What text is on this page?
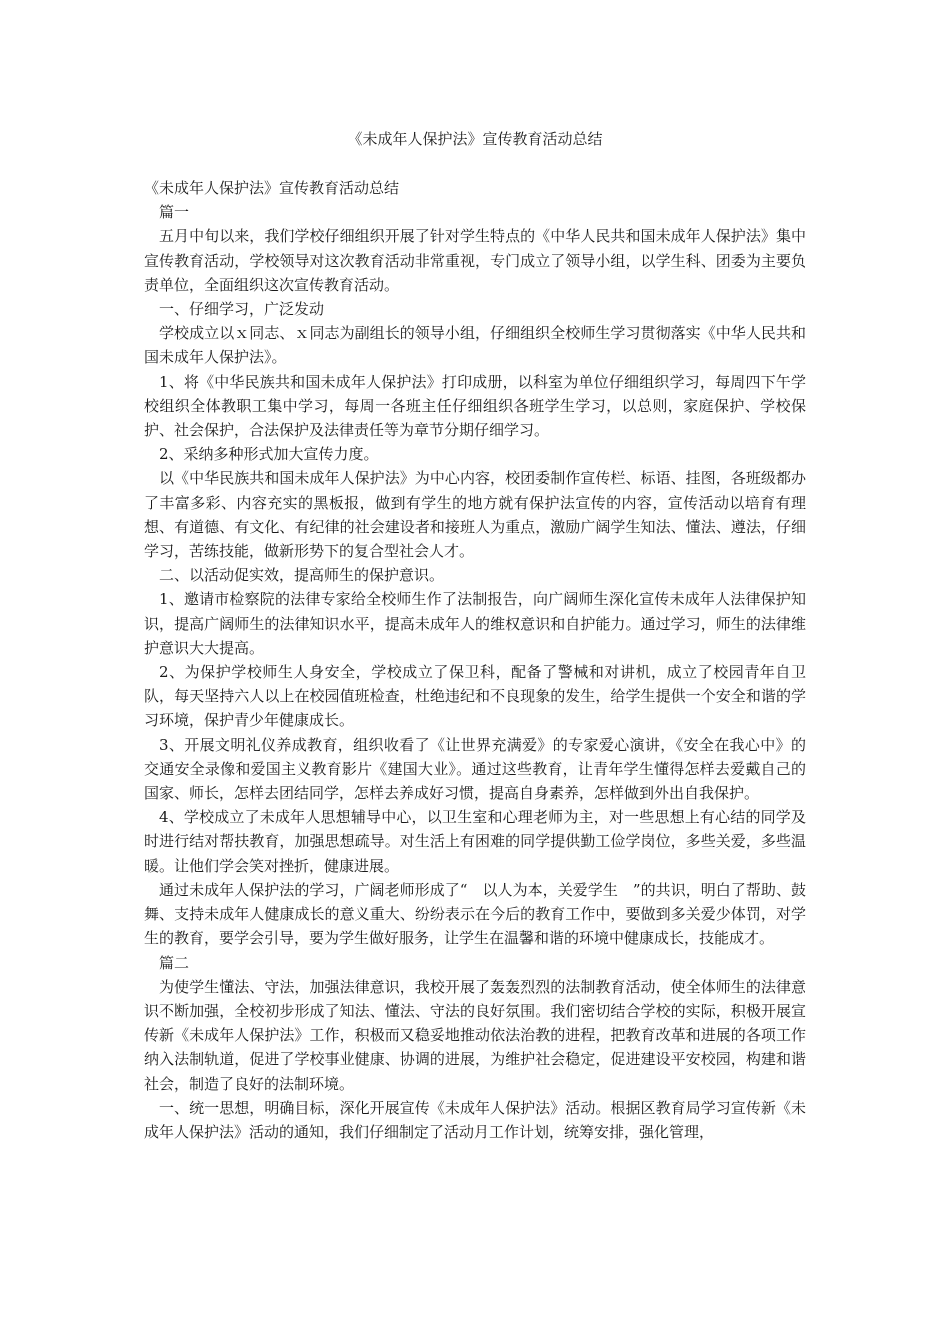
《未成年人保护法》宣传教育活动总结

《未成年人保护法》宣传教育活动总结

篇一

五月中旬以来，我们学校仔细组织开展了针对学生特点的《中华人民共和国未成年人保护法》集中宣传教育活动，学校领导对这次教育活动非常重视，专门成立了领导小组，以学生科、团委为主要负责单位，全面组织这次宣传教育活动。

一、仔细学习，广泛发动

学校成立以ｘ同志、ｘ同志为副组长的领导小组，仔细组织全校师生学习贯彻落实《中华人民共和国未成年人保护法》。

1、将《中华民族共和国未成年人保护法》打印成册，以科室为单位仔细组织学习，每周四下午学校组织全体教职工集中学习，每周一各班主任仔细组织各班学生学习，以总则，家庭保护、学校保护、社会保护，合法保护及法律责任等为章节分期仔细学习。

2、采纳多种形式加大宣传力度。

以《中华民族共和国未成年人保护法》为中心内容，校团委制作宣传栏、标语、挂图，各班级都办了丰富多彩、内容充实的黑板报，做到有学生的地方就有保护法宣传的内容，宣传活动以培育有理想、有道德、有文化、有纪律的社会建设者和接班人为重点，激励广阔学生知法、懂法、遵法，仔细学习，苦练技能，做新形势下的复合型社会人才。

二、以活动促实效，提高师生的保护意识。

1、邀请市检察院的法律专家给全校师生作了法制报告，向广阔师生深化宣传未成年人法律保护知识，提高广阔师生的法律知识水平，提高未成年人的维权意识和自护能力。通过学习，师生的法律维护意识大大提高。

2、为保护学校师生人身安全，学校成立了保卫科，配备了警械和对讲机，成立了校园青年自卫队，每天坚持六人以上在校园值班检查，杜绝违纪和不良现象的发生，给学生提供一个安全和谐的学习环境，保护青少年健康成长。

3、开展文明礼仪养成教育，组织收看了《让世界充满爱》的专家爱心演讲，《安全在我心中》的交通安全录像和爱国主义教育影片《建国大业》。通过这些教育，让青年学生懂得怎样去爱戴自己的国家、师长，怎样去团结同学，怎样去养成好习惯，提高自身素养，怎样做到外出自我保护。

4、学校成立了未成年人思想辅导中心，以卫生室和心理老师为主，对一些思想上有心结的同学及时进行结对帮扶教育，加强思想疏导。对生活上有困难的同学提供勤工俭学岗位，多些关爱，多些温暖。让他们学会笑对挫折，健康进展。

通过未成年人保护法的学习，广阔老师形成了“　以人为本，关爱学生　”的共识，明白了帮助、鼓舞、支持未成年人健康成长的意义重大、纷纷表示在今后的教育工作中，要做到多关爱少体罚，对学生的教育，要学会引导，要为学生做好服务，让学生在温馨和谐的环境中健康成长，技能成才。

篇二

为使学生懂法、守法，加强法律意识，我校开展了轰轰烈烈的法制教育活动，使全体师生的法律意识不断加强，全校初步形成了知法、懂法、守法的良好氛围。我们密切结合学校的实际，积极开展宣传新《未成年人保护法》工作，积极而又稳妥地推动依法治教的进程，把教育改革和进展的各项工作纳入法制轨道，促进了学校事业健康、协调的进展，为维护社会稳定，促进建设平安校园，构建和谐社会，制造了良好的法制环境。

一、统一思想，明确目标，深化开展宣传《未成年人保护法》活动。根据区教育局学习宣传新《未成年人保护法》活动的通知，我们仔细制定了活动月工作计划，统筹安排，强化管理，
